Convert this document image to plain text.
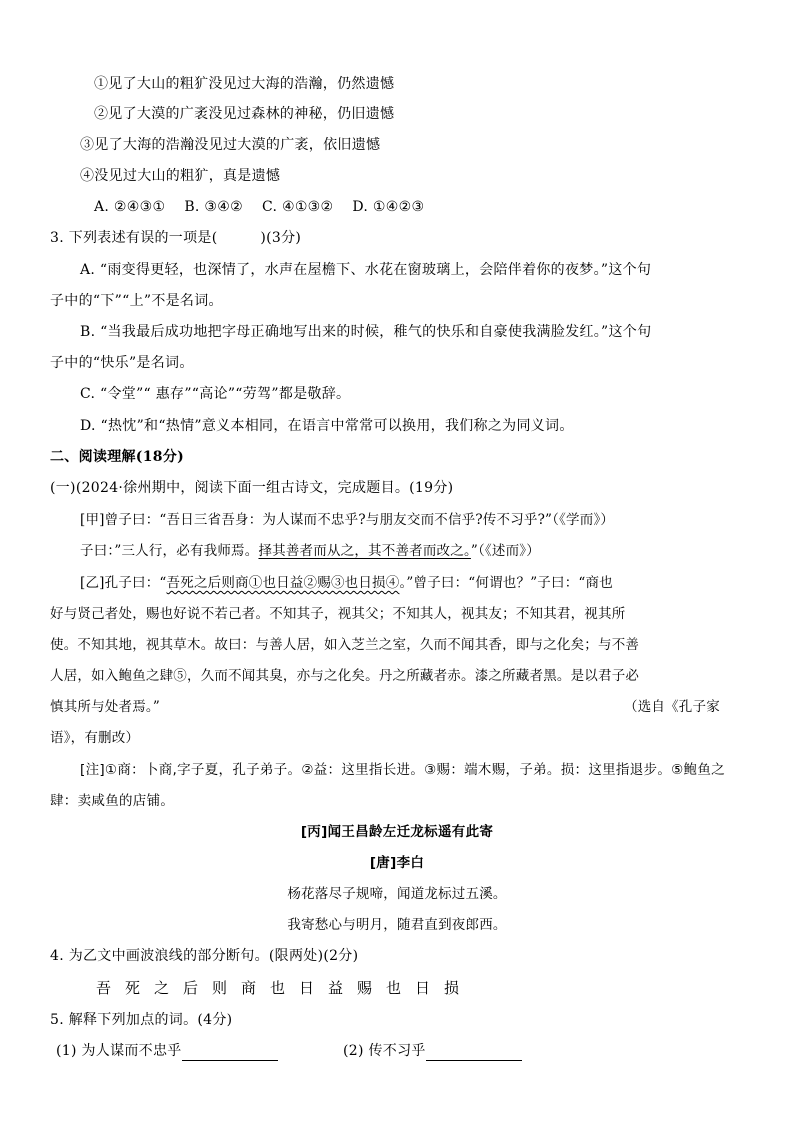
①见了大山的粗犷没见过大海的浩瀚，仍然遗憾
②见了大漠的广袤没见过森林的神秘，仍旧遗憾
③见了大海的浩瀚没见过大漠的广袤，依旧遗憾
④没见过大山的粗犷，真是遗憾
A. ②④③①    B. ③④②    C. ④①③②    D. ①④②③
3. 下列表述有误的一项是(　　　)(3分)
A. “雨变得更轻，也深情了，水声在屋檐下、水花在窗玻璃上，会陪伴着你的夜梦。”这个句
子中的“下”“上”不是名词。
B. “当我最后成功地把字母正确地写出来的时候，稚气的快乐和自豪使我满脸发红。”这个句
子中的“快乐”是名词。
C. “令堂”“ 惠存”“高论”“劳驾”都是敬辞。
D. “热忱”和“热情”意义本相同，在语言中常常可以换用，我们称之为同义词。
二、阅读理解(18分)
(一)(2024·徐州期中，阅读下面一组古诗文，完成题目。(19分)
[甲]曾子曰：“吾日三省吾身：为人谋而不忠乎?与朋友交而不信乎?传不习乎?”（《学而》）
子曰：”三人行，必有我师焉。择其善者而从之，其不善者而改之。”（《述而》）
[乙]孔子曰：“吾死之后则商①也日益②赐③也日损④。”曾子曰：“何谓也？”子曰：“商也
好与贤己者处，赐也好说不若己者。不知其子，视其父；不知其人，视其友；不知其君，视其所
使。不知其地，视其草木。故曰：与善人居，如入芝兰之室，久而不闻其香，即与之化矣；与不善
人居，如入鲍鱼之肆⑤，久而不闻其臭，亦与之化矣。丹之所藏者赤。漆之所藏者黑。是以君子必
慎其所与处者焉。”	（选自《孔子家
语》，有删改）
[注]①商：卜商,字子夏，孔子弟子。②益：这里指长进。③赐：端木赐，子弟。损：这里指退步。⑤鲍鱼之
肆：卖咸鱼的店铺。
[丙]闻王昌龄左迁龙标遥有此寄
[唐]李白
杨花落尽子规啼，闻道龙标过五溪。
我寄愁心与明月，随君直到夜郎西。
4. 为乙文中画波浪线的部分断句。(限两处)(2分)
吾死之后则商也日益赐也日损
5. 解释下列加点的词。(4分)
(1) 为人谋而不忠乎	(2) 传不习乎
